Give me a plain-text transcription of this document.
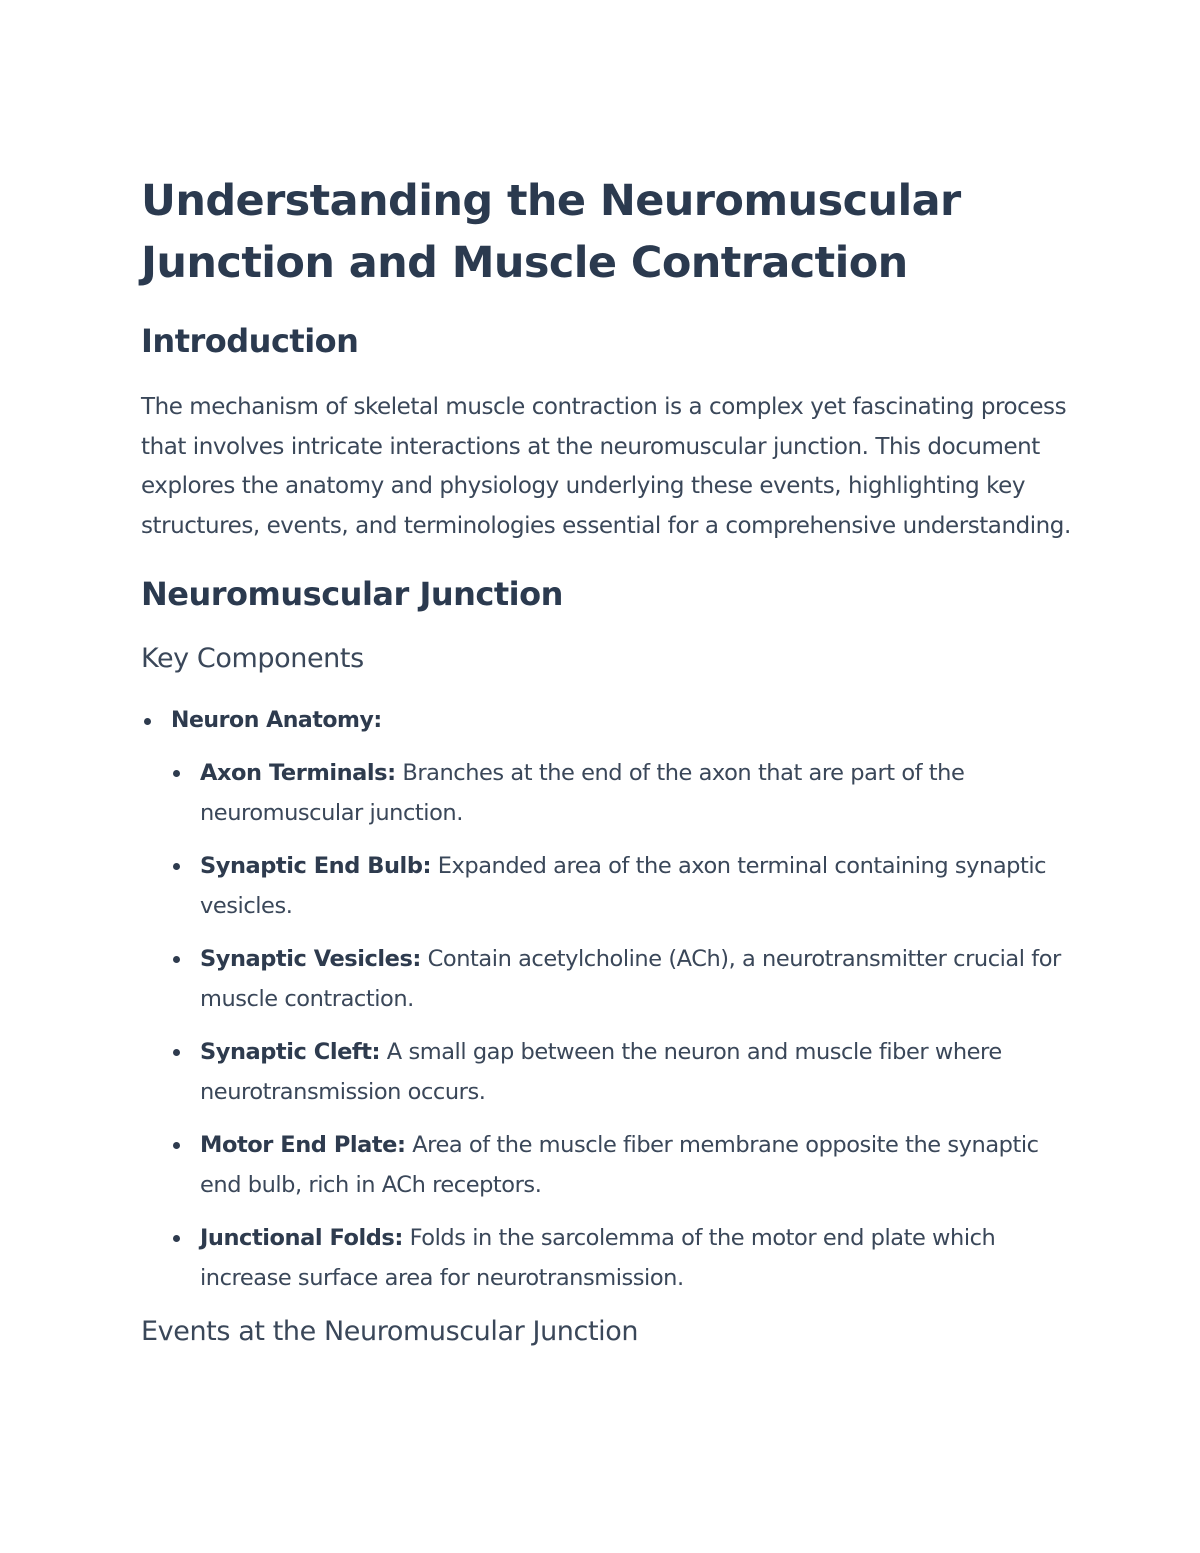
Understanding the Neuromuscular Junction and Muscle Contraction
Introduction

The mechanism of skeletal muscle contraction is a complex yet fascinating process that involves intricate interactions at the neuromuscular junction. This document explores the anatomy and physiology underlying these events, highlighting key structures, events, and terminologies essential for a comprehensive understanding.

Neuromuscular Junction
Key Components
Neuron Anatomy:
Axon Terminals: Branches at the end of the axon that are part of the neuromuscular junction.
Synaptic End Bulb: Expanded area of the axon terminal containing synaptic vesicles.
Synaptic Vesicles: Contain acetylcholine (ACh), a neurotransmitter crucial for muscle contraction.
Synaptic Cleft: A small gap between the neuron and muscle fiber where neurotransmission occurs.
Motor End Plate: Area of the muscle fiber membrane opposite the synaptic end bulb, rich in ACh receptors.
Junctional Folds: Folds in the sarcolemma of the motor end plate which increase surface area for neurotransmission.
Events at the Neuromuscular Junction
